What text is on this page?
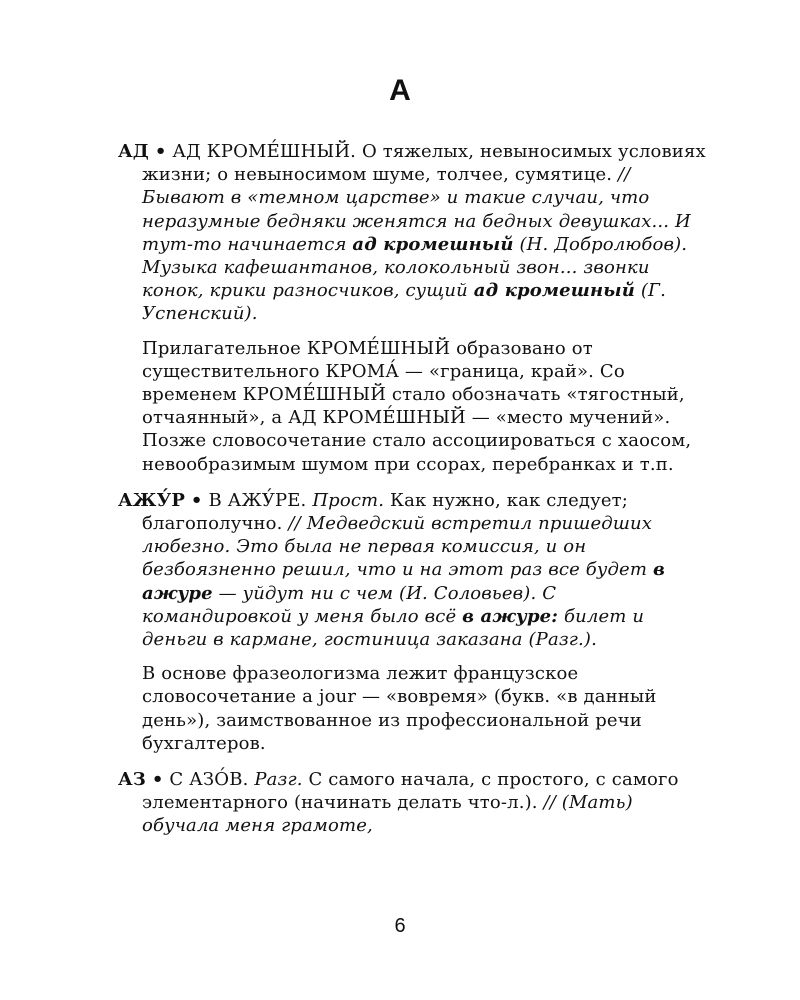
А

АД • АД КРОМЕ́ШНЫЙ. О тяжелых, невыносимых условиях жизни; о невыносимом шуме, толчее, сумятице. // Бывают в «темном царстве» и такие случаи, что неразумные бедняки женятся на бедных девушках... И тут-то начинается ад кромешный (Н. Добролюбов). Музыка кафешантанов, колокольный звон... звонки конок, крики разносчиков, сущий ад кромешный (Г. Успенский).

Прилагательное КРОМЕ́ШНЫЙ образовано от существительного КРОМА́ — «граница, край». Со временем КРОМЕ́ШНЫЙ стало обозначать «тягостный, отчаянный», а АД КРОМЕ́ШНЫЙ — «место мучений». Позже словосочетание стало ассоциироваться с хаосом, невообразимым шумом при ссорах, перебранках и т.п.

АЖУ́Р • В АЖУ́РЕ. Прост. Как нужно, как следует; благополучно. // Медведский встретил пришедших любезно. Это была не первая комиссия, и он безбоязненно решил, что и на этот раз все будет в ажуре — уйдут ни с чем (И. Соловьев). С командировкой у меня было всё в ажуре: билет и деньги в кармане, гостиница заказана (Разг.).

В основе фразеологизма лежит французское словосочетание a jour — «вовремя» (букв. «в данный день»), заимствованное из профессиональной речи бухгалтеров.

АЗ • С АЗО́В. Разг. С самого начала, с простого, с самого элементарного (начинать делать что-л.). // (Мать) обучала меня грамоте,

6
